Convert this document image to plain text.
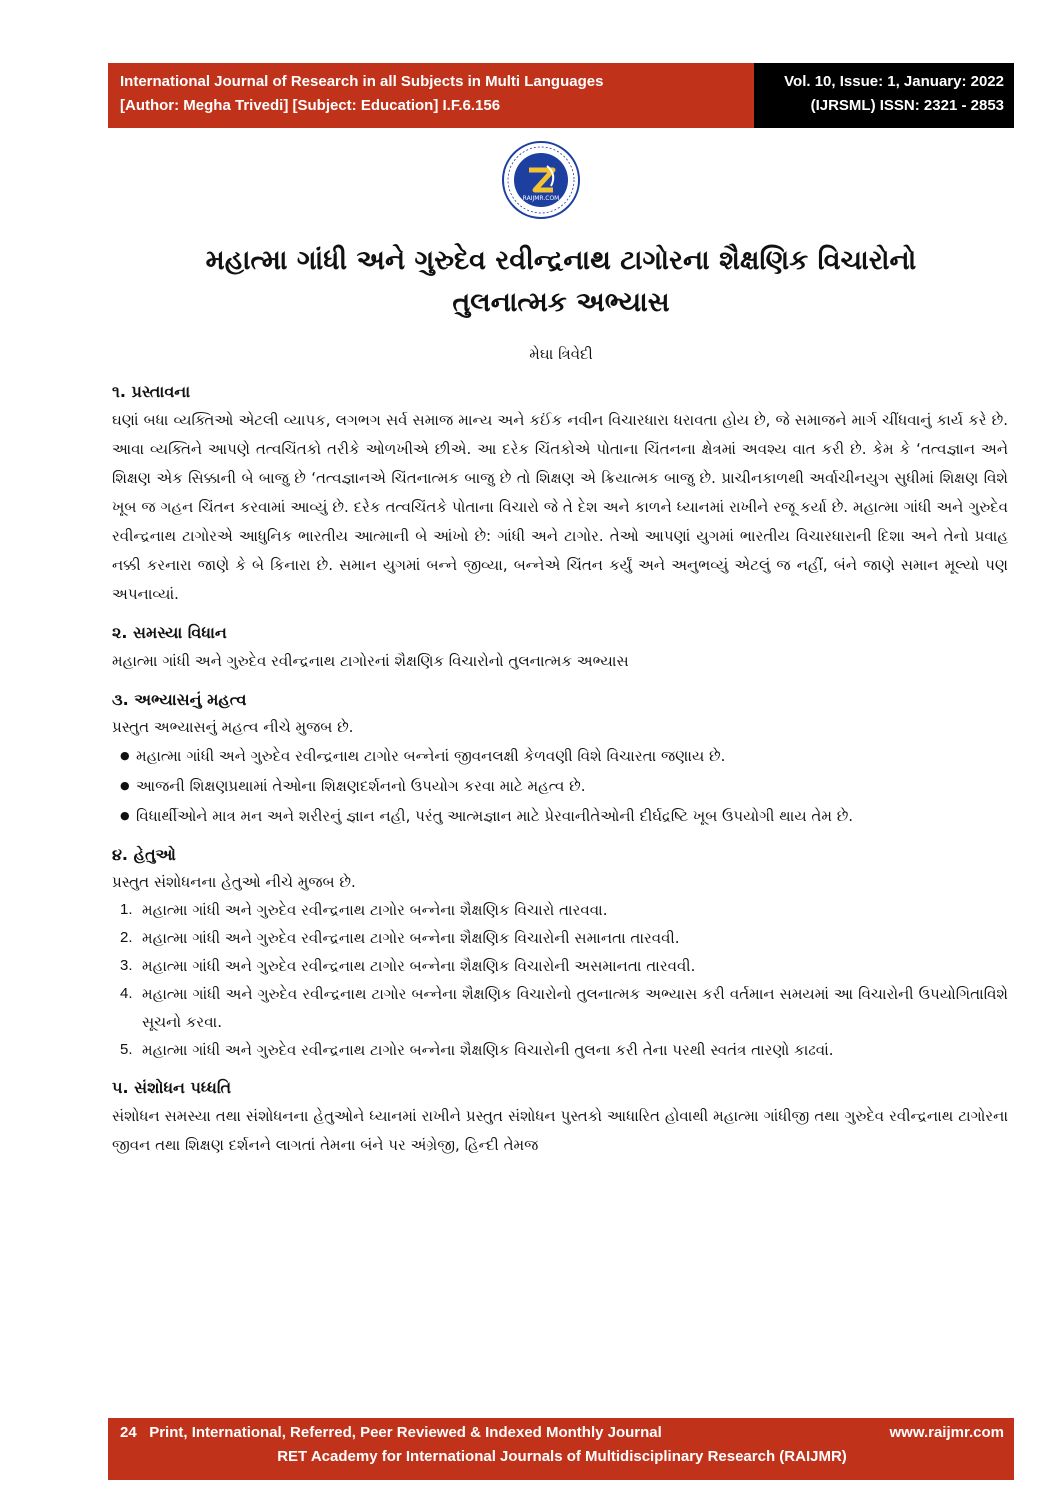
International Journal of Research in all Subjects in Multi Languages
[Author: Megha Trivedi] [Subject: Education] I.F.6.156
Vol. 10, Issue: 1, January: 2022
(IJRSML) ISSN: 2321 - 2853
RAIJMR.COM
મહાત્મા ગાંધી અને ગુરુદેવ રવીન્દ્રનાથ ટાગોરના શૈક્ષણિક વિચારોનો
તુલનાત્મક અભ્યાસ
મેઘા ત્રિવેદી
૧. પ્રસ્તાવના
ઘણાં બધા વ્યક્તિઓ એટલી વ્યાપક, લગભગ સર્વ સમાજ માન્ય અને કઈંક નવીન વિચારધારા ધરાવતા હોય છે, જે સમાજને માર્ગ ચીંધવાનું કાર્ય કરે છે. આવા વ્યક્તિને આપણે તત્વચિંતકો તરીકે ઓળખીએ છીએ. આ દરેક ચિંતકોએ પોતાના ચિંતનના ક્ષેત્રમાં અવશ્ય વાત કરી છે. કેમ કે ‘તત્વજ્ઞાન અને શિક્ષણ એક સિક્કાની બે બાજુ છે ‘તત્વજ્ઞાનએ ચિંતનાત્મક બાજુ છે તો શિક્ષણ એ ક્રિયાત્મક બાજુ છે. પ્રાચીનકાળથી અર્વાચીનયુગ સુધીમાં શિક્ષણ વિશે ખૂબ જ ગહન ચિંતન કરવામાં આવ્યું છે. દરેક તત્વચિંતકે પોતાના વિચારો જે તે દેશ અને કાળને ધ્યાનમાં રાખીને રજૂ કર્યા છે. મહાત્મા ગાંધી અને ગુરુદેવ રવીન્દ્રનાથ ટાગોરએ આધુનિક ભારતીય આત્માની બે આંખો છે: ગાંધી અને ટાગોર. તેઓ આપણાં યુગમાં ભારતીય વિચારધારાની દિશા અને તેનો પ્રવાહ નક્કી કરનારા જાણે કે બે કિનારા છે. સમાન યુગમાં બન્ને જીવ્યા, બન્નેએ ચિંતન કર્યું અને અનુભવ્યું એટલું જ નહીં, બંને જાણે સમાન મૂલ્યો પણ અપનાવ્યાં.
૨. સમસ્યા વિધાન
મહાત્મા ગાંધી અને ગુરુદેવ રવીન્દ્રનાથ ટાગોરનાં શૈક્ષણિક વિચારોનો તુલનાત્મક અભ્યાસ
૩. અભ્યાસનું મહત્વ
પ્રસ્તુત અભ્યાસનું મહત્વ નીચે મુજબ છે.
● મહાત્મા ગાંધી અને ગુરુદેવ રવીન્દ્રનાથ ટાગોર બન્નેનાં જીવનલક્ષી કેળવણી વિશે વિચારતા જણાય છે.
● આજની શિક્ષણપ્રથામાં તેઓના શિક્ષણદર્શનનો ઉપયોગ કરવા માટે મહત્વ છે.
● વિધાર્થીઓને માત્ર મન અને શરીરનું જ્ઞાન નહી, પરંતુ આત્મજ્ઞાન માટે પ્રેરવાનીતેઓની દીર્ઘદ્રષ્ટિ ખૂબ ઉપયોગી થાય તેમ છે.
૪. હેતુઓ
પ્રસ્તુત સંશોધનના હેતુઓ નીચે મુજબ છે.
1. મહાત્મા ગાંધી અને ગુરુદેવ રવીન્દ્રનાથ ટાગોર બન્નેના શૈક્ષણિક વિચારો તારવવા.
2. મહાત્મા ગાંધી અને ગુરુદેવ રવીન્દ્રનાથ ટાગોર બન્નેના શૈક્ષણિક વિચારોની સમાનતા તારવવી.
3. મહાત્મા ગાંધી અને ગુરુદેવ રવીન્દ્રનાથ ટાગોર બન્નેના શૈક્ષણિક વિચારોની અસમાનતા તારવવી.
4. મહાત્મા ગાંધી અને ગુરુદેવ રવીન્દ્રનાથ ટાગોર બન્નેના શૈક્ષણિક વિચારોનો તુલનાત્મક અભ્યાસ કરી વર્તમાન સમયમાં આ વિચારોની ઉપયોગિતાવિશે સૂચનો કરવા.
5. મહાત્મા ગાંધી અને ગુરુદેવ રવીન્દ્રનાથ ટાગોર બન્નેના શૈક્ષણિક વિચારોની તુલના કરી તેના પરથી સ્વતંત્ર તારણો કાઢવાં.
૫. સંશોધન પધ્ધતિ
સંશોધન સમસ્યા તથા સંશોધનના હેતુઓને ધ્યાનમાં રાખીને પ્રસ્તુત સંશોધન પુસ્તકો આધારિત હોવાથી મહાત્મા ગાંધીજી તથા ગુરુદેવ રવીન્દ્રનાથ ટાગોરના જીવન તથા શિક્ષણ દર્શનને લાગતાં તેમના બંને પર અંગ્રેજી, હિન્દી તેમજ
24 Print, International, Referred, Peer Reviewed & Indexed Monthly Journal	www.raijmr.com
RET Academy for International Journals of Multidisciplinary Research (RAIJMR)
